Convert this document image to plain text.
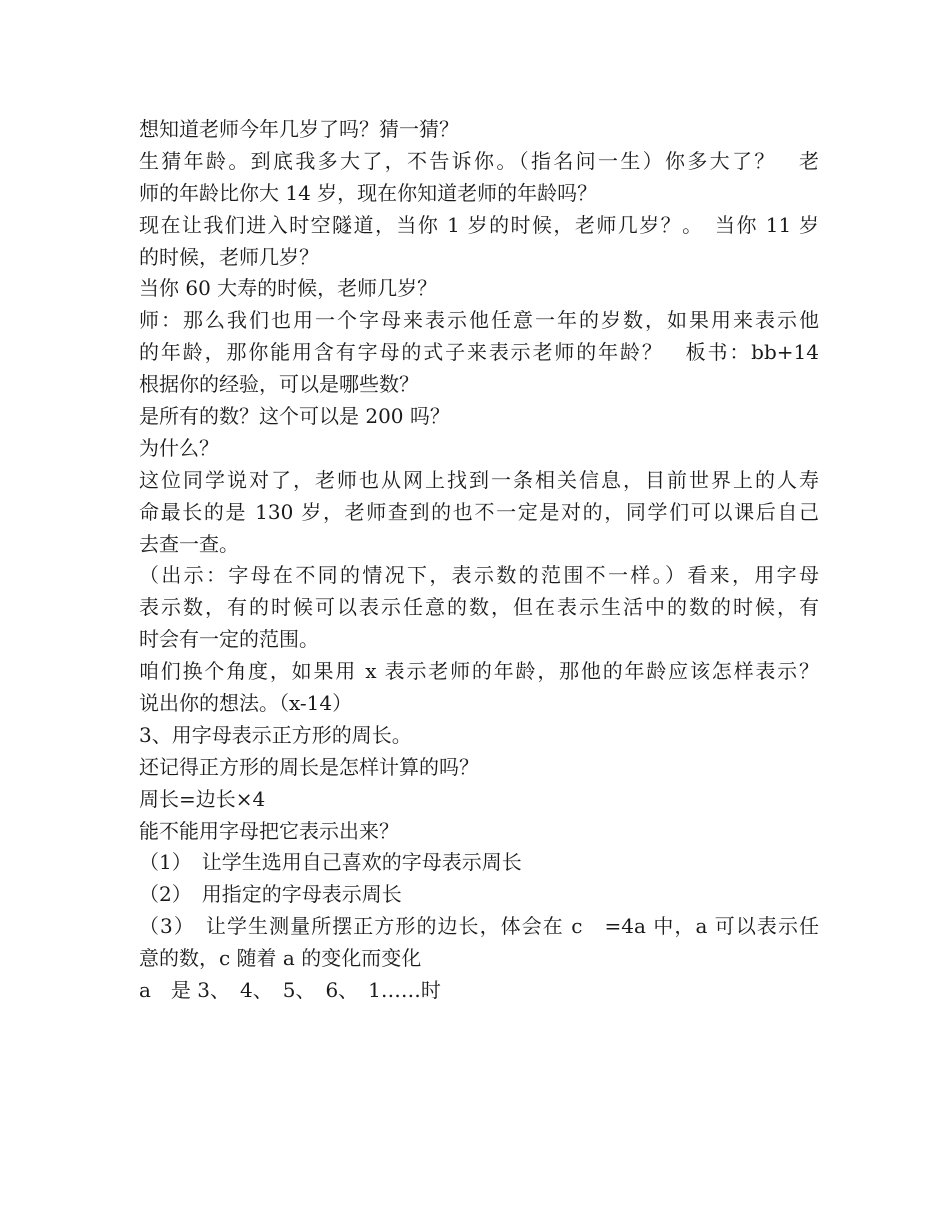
想知道老师今年几岁了吗？猜一猜？
生猜年龄。到底我多大了，不告诉你。（指名问一生）你多大了？　老
师的年龄比你大 14 岁，现在你知道老师的年龄吗？
现在让我们进入时空隧道，当你 1 岁的时候，老师几岁？。　当你 11 岁
的时候，老师几岁？
当你 60 大寿的时候，老师几岁？
师：那么我们也用一个字母来表示他任意一年的岁数，如果用来表示他
的年龄，那你能用含有字母的式子来表示老师的年龄？　板书：bb+14
根据你的经验，可以是哪些数？
是所有的数？这个可以是 200 吗？
为什么？
这位同学说对了，老师也从网上找到一条相关信息，目前世界上的人寿
命最长的是 130 岁，老师查到的也不一定是对的，同学们可以课后自己
去查一查。
（出示：字母在不同的情况下，表示数的范围不一样。）看来，用字母
表示数，有的时候可以表示任意的数，但在表示生活中的数的时候，有
时会有一定的范围。
咱们换个角度，如果用 x 表示老师的年龄，那他的年龄应该怎样表示？
说出你的想法。（x-14）
3、用字母表示正方形的周长。
还记得正方形的周长是怎样计算的吗？
周长=边长×4
能不能用字母把它表示出来？
（1）　让学生选用自己喜欢的字母表示周长
（2）　用指定的字母表示周长
（3）　让学生测量所摆正方形的边长，体会在 c　=4a 中，a 可以表示任
意的数，c 随着 a 的变化而变化
a　是 3、　4、　5、　6、　1……时
